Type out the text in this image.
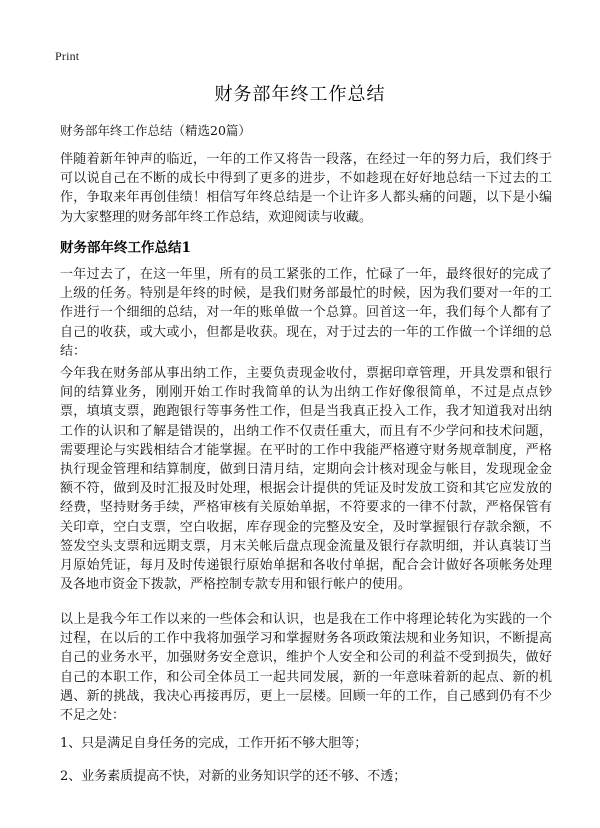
Print
财务部年终工作总结
财务部年终工作总结（精选20篇）

伴随着新年钟声的临近，一年的工作又将告一段落，在经过一年的努力后，我们终于可以说自己在不断的成长中得到了更多的进步，不如趁现在好好地总结一下过去的工作，争取来年再创佳绩！相信写年终总结是一个让许多人都头痛的问题，以下是小编为大家整理的财务部年终工作总结，欢迎阅读与收藏。

财务部年终工作总结1

一年过去了，在这一年里，所有的员工紧张的工作，忙碌了一年，最终很好的完成了上级的任务。特别是年终的时候，是我们财务部最忙的时候，因为我们要对一年的工作进行一个细细的总结，对一年的账单做一个总算。回首这一年，我们每个人都有了自己的收获，或大或小，但都是收获。现在，对于过去的一年的工作做一个详细的总结：

今年我在财务部从事出纳工作，主要负责现金收付，票据印章管理，开具发票和银行间的结算业务，刚刚开始工作时我简单的认为出纳工作好像很简单，不过是点点钞票，填填支票，跑跑银行等事务性工作，但是当我真正投入工作，我才知道我对出纳工作的认识和了解是错误的，出纳工作不仅责任重大，而且有不少学问和技术问题，需要理论与实践相结合才能掌握。在平时的工作中我能严格遵守财务规章制度，严格执行现金管理和结算制度，做到日清月结，定期向会计核对现金与帐目，发现现金金额不符，做到及时汇报及时处理，根据会计提供的凭证及时发放工资和其它应发放的经费，坚持财务手续，严格审核有关原始单据，不符要求的一律不付款，严格保管有关印章，空白支票，空白收据，库存现金的完整及安全，及时掌握银行存款余额，不签发空头支票和远期支票，月末关帐后盘点现金流量及银行存款明细，并认真装订当月原始凭证，每月及时传递银行原始单据和各收付单据，配合会计做好各项帐务处理及各地市资金下拨款，严格控制专款专用和银行帐户的使用。

以上是我今年工作以来的一些体会和认识，也是我在工作中将理论转化为实践的一个过程，在以后的工作中我将加强学习和掌握财务各项政策法规和业务知识，不断提高自己的业务水平，加强财务安全意识，维护个人安全和公司的利益不受到损失，做好自己的本职工作，和公司全体员工一起共同发展，新的一年意味着新的起点、新的机遇、新的挑战，我决心再接再厉，更上一层楼。回顾一年的工作，自己感到仍有不少不足之处：

1、只是满足自身任务的完成，工作开拓不够大胆等；

2、业务素质提高不快，对新的业务知识学的还不够、不透；
